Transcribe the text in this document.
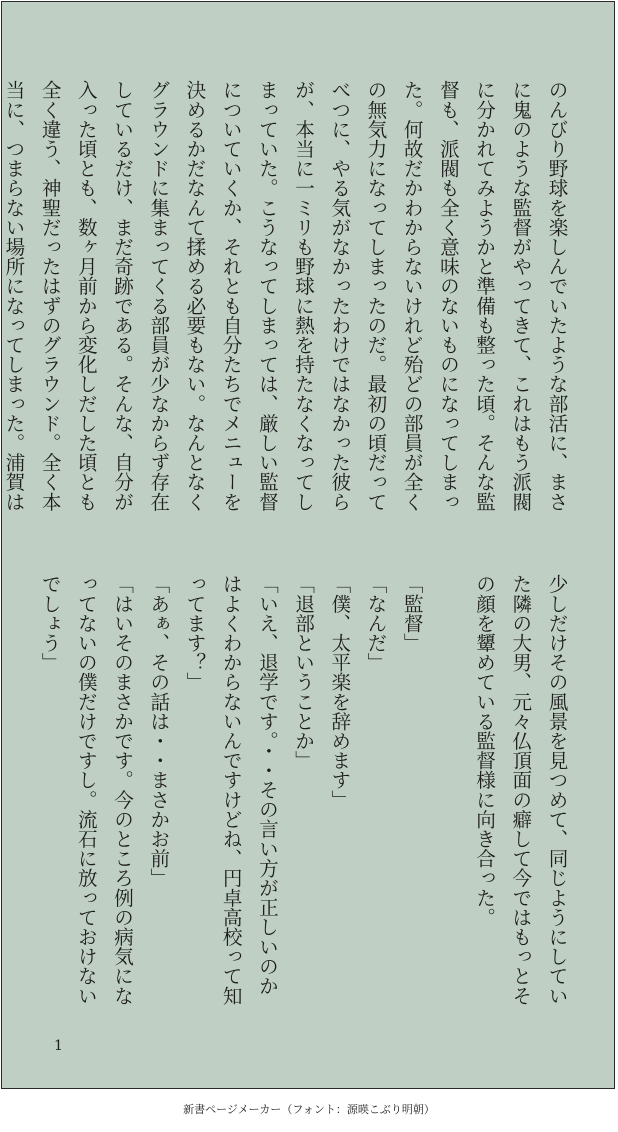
のんびり野球を楽しんでいたような部活に、まさ
に鬼のような監督がやってきて、これはもう派閥
に分かれてみようかと準備も整った頃。そんな監
督も、派閥も全く意味のないものになってしまっ
た。何故だかわからないけれど殆どの部員が全く
の無気力になってしまったのだ。最初の頃だって
べつに、やる気がなかったわけではなかった彼ら
が、本当に一ミリも野球に熱を持たなくなってし
まっていた。こうなってしまっては、厳しい監督
についていくか、それとも自分たちでメニューを
決めるかだなんて揉める必要もない。なんとなく
グラウンドに集まってくる部員が少なからず存在
しているだけ、まだ奇跡である。そんな、自分が
入った頃とも、数ヶ月前から変化しだした頃とも
全く違う、神聖だったはずのグラウンド。全く本
当に、つまらない場所になってしまった。浦賀は
少しだけその風景を見つめて、同じようにしてい
た隣の大男、元々仏頂面の癖して今ではもっとそ
の顔を顰めている監督様に向き合った。

「監督」
「なんだ」
「僕、太平楽を辞めます」
「退部ということか」
「いえ、退学です。・・その言い方が正しいのか
はよくわからないんですけどね、円卓高校って知
ってます？」
「あぁ、その話は・・まさかお前」
「はいそのまさかです。今のところ例の病気にな
ってないの僕だけですし。流石に放っておけない
でしょう」
1
新書ページメーカー（フォント：源暎こぶり明朝）
